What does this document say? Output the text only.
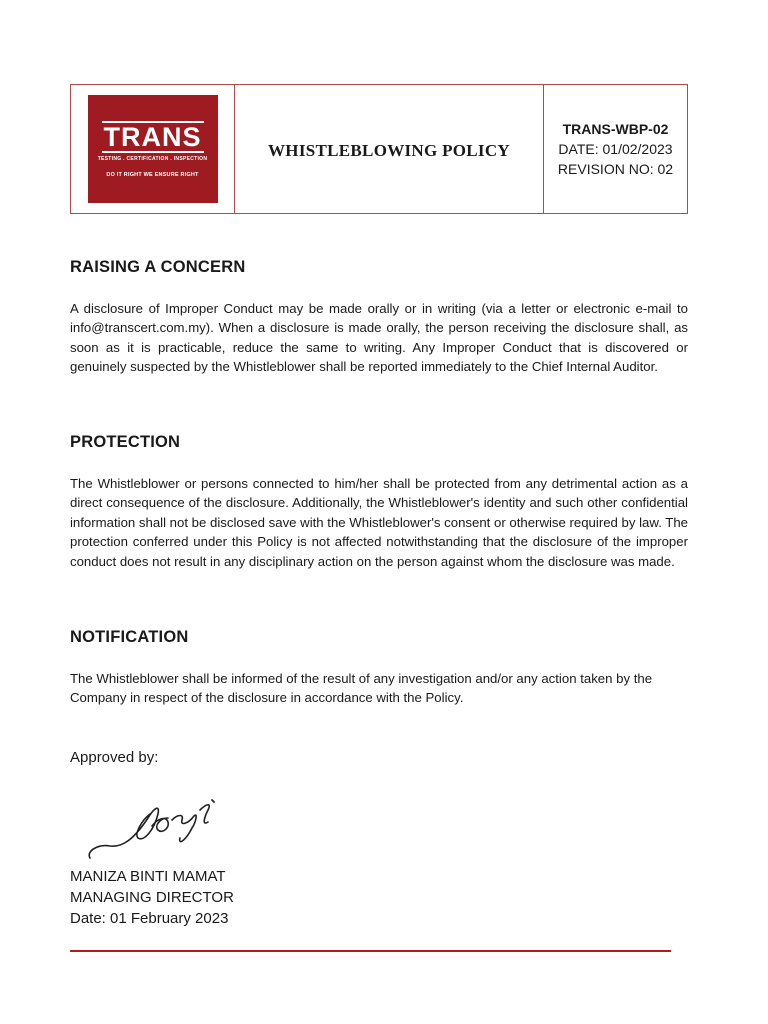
TRANS
TESTING . CERTIFICATION . INSPECTION
DO IT RIGHT WE ENSURE RIGHT
WHISTLEBLOWING POLICY
TRANS-WBP-02
DATE: 01/02/2023
REVISION NO: 02
RAISING A CONCERN

A disclosure of Improper Conduct may be made orally or in writing (via a letter or electronic e-mail to info@transcert.com.my). When a disclosure is made orally, the person receiving the disclosure shall, as soon as it is practicable, reduce the same to writing. Any Improper Conduct that is discovered or genuinely suspected by the Whistleblower shall be reported immediately to the Chief Internal Auditor.

PROTECTION

The Whistleblower or persons connected to him/her shall be protected from any detrimental action as a direct consequence of the disclosure. Additionally, the Whistleblower's identity and such other confidential information shall not be disclosed save with the Whistleblower's consent or otherwise required by law. The protection conferred under this Policy is not affected notwithstanding that the disclosure of the improper conduct does not result in any disciplinary action on the person against whom the disclosure was made.

NOTIFICATION

The Whistleblower shall be informed of the result of any investigation and/or any action taken by the Company in respect of the disclosure in accordance with the Policy.

Approved by:
MANIZA BINTI MAMAT
MANAGING DIRECTOR
Date: 01 February 2023
